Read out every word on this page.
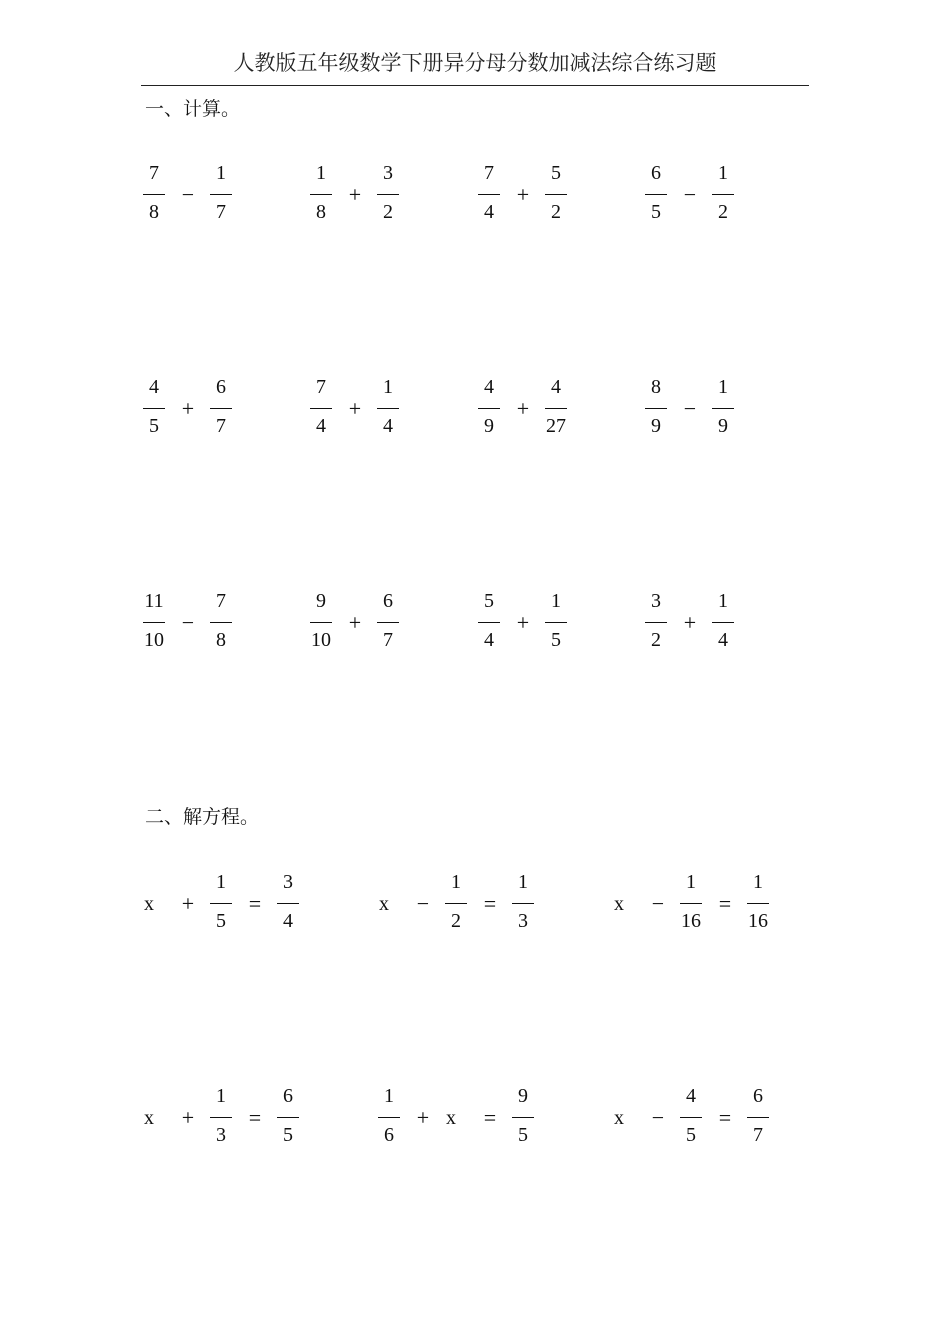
人教版五年级数学下册异分母分数加减法综合练习题
一、计算。
7
8
−
1
7
1
8
+
3
2
7
4
+
5
2
6
5
−
1
2
4
5
+
6
7
7
4
+
1
4
4
9
+
4
27
8
9
−
1
9
11
10
−
7
8
9
10
+
6
7
5
4
+
1
5
3
2
+
1
4
二、解方程。
x +
1
5
=
3
4
x −
1
2
=
1
3
x −
1
16
=
1
16
x +
1
3
=
6
5
1
6
+ x =
9
5
x −
4
5
=
6
7
